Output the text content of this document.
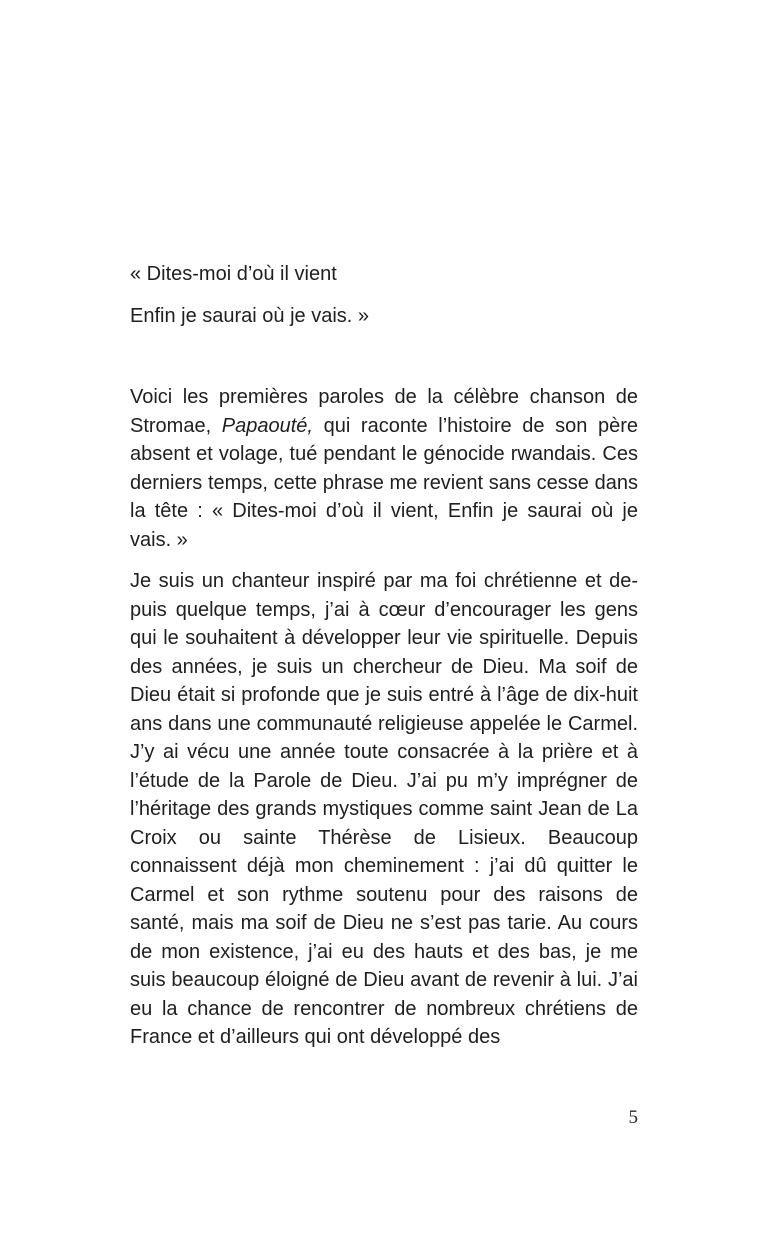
« Dites-moi d’où il vient

Enfin je saurai où je vais. »

Voici les premières paroles de la célèbre chanson de Stromae, Papaouté, qui raconte l’histoire de son père absent et volage, tué pendant le génocide rwandais. Ces derniers temps, cette phrase me revient sans cesse dans la tête : « Dites-moi d’où il vient, Enfin je saurai où je vais. »

Je suis un chanteur inspiré par ma foi chrétienne et depuis quelque temps, j’ai à cœur d’encourager les gens qui le souhaitent à développer leur vie spirituelle. Depuis des années, je suis un chercheur de Dieu. Ma soif de Dieu était si profonde que je suis entré à l’âge de dix-huit ans dans une communauté religieuse appelée le Carmel. J’y ai vécu une année toute consacrée à la prière et à l’étude de la Parole de Dieu. J’ai pu m’y imprégner de l’héritage des grands mystiques comme saint Jean de La Croix ou sainte Thérèse de Lisieux. Beaucoup connaissent déjà mon cheminement : j’ai dû quitter le Carmel et son rythme soutenu pour des raisons de santé, mais ma soif de Dieu ne s’est pas tarie. Au cours de mon existence, j’ai eu des hauts et des bas, je me suis beaucoup éloigné de Dieu avant de revenir à lui. J’ai eu la chance de rencontrer de nombreux chrétiens de France et d’ailleurs qui ont développé des

5
